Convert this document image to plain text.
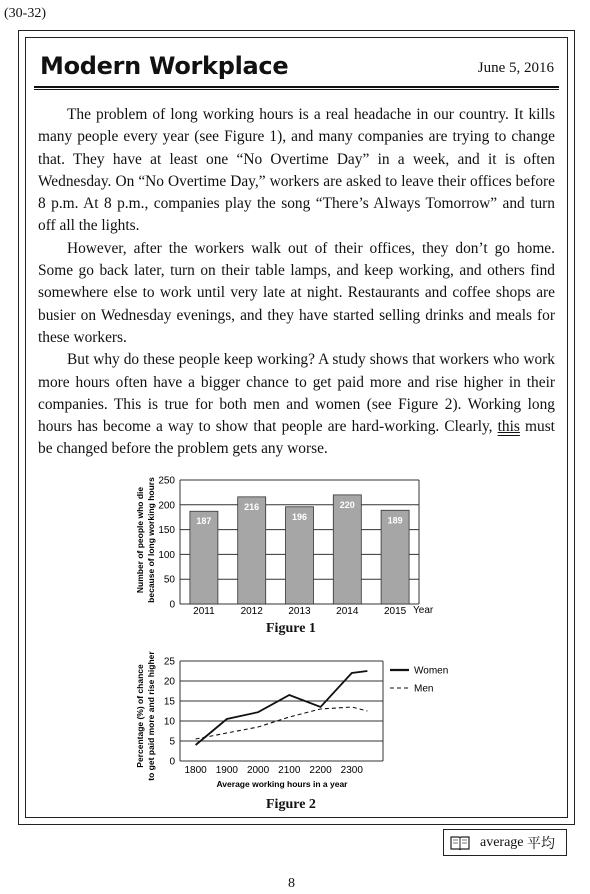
(30-32)
Modern Workplace	June 5, 2016

The problem of long working hours is a real headache in our country. It kills many people every year (see Figure 1), and many companies are trying to change that. They have at least one “No Overtime Day” in a week, and it is often Wednesday. On “No Overtime Day,” workers are asked to leave their offices before 8 p.m. At 8 p.m., companies play the song “There’s Always Tomorrow” and turn off all the lights.

However, after the workers walk out of their offices, they don’t go home. Some go back later, turn on their table lamps, and keep working, and others find somewhere else to work until very late at night. Restaurants and coffee shops are busier on Wednesday evenings, and they have started selling drinks and meals for these workers.

But why do these people keep working? A study shows that workers who work more hours often have a bigger chance to get paid more and rise higher in their companies. This is true for both men and women (see Figure 2). Working long hours has become a way to show that people are hard-working. Clearly, this must be changed before the problem gets any worse.

Number of people who die because of long working hours
0
50
100
150
200
250
187
2011
216
2012
196
2013
220
2014
189
2015 Year
Figure 1
Percentage (%) of chance to get paid more and rise higher 0
5
10
15
20
25
1800 1900 2000 2100 2200 2300
Women
Men
Average working hours in a year
Figure 2
average
平均
8
